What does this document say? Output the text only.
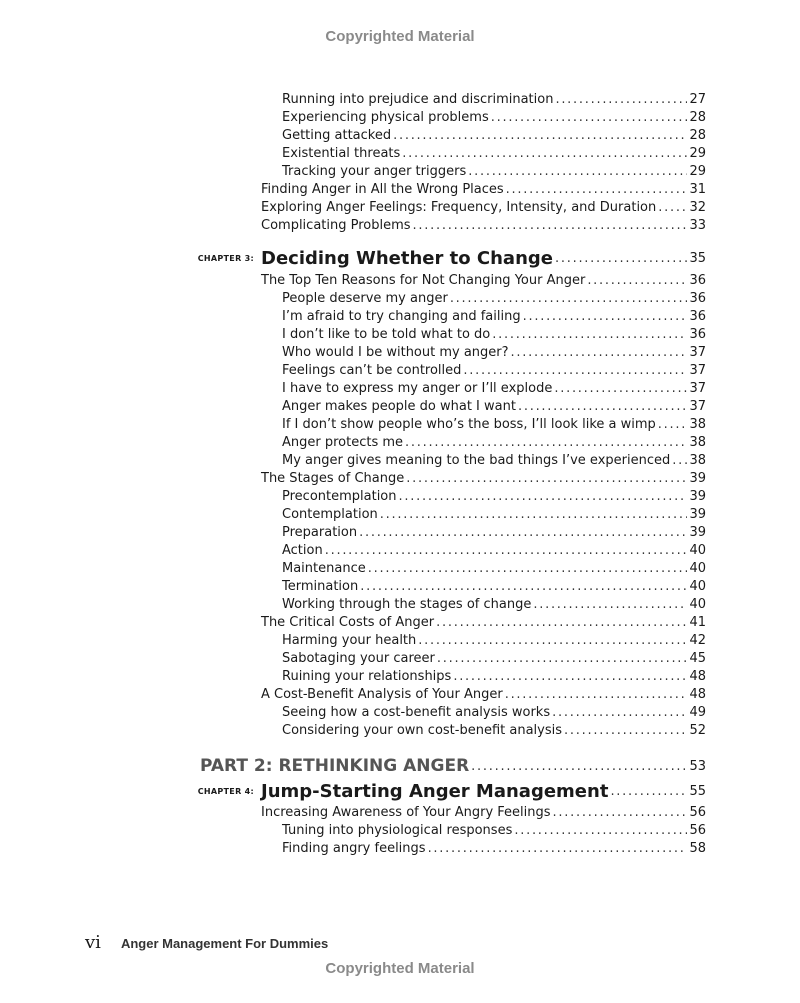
Copyrighted Material
Running into prejudice and discrimination . . .	27
Experiencing physical problems . . .	28
Getting attacked . . .	28
Existential threats . . .	29
Tracking your anger triggers . . .	29
Finding Anger in All the Wrong Places . . .	31
Exploring Anger Feelings: Frequency, Intensity, and Duration . . .	32
Complicating Problems . . .	33
CHAPTER 3: Deciding Whether to Change . . .	35
The Top Ten Reasons for Not Changing Your Anger . . .	36
People deserve my anger . . .	36
I’m afraid to try changing and failing . . .	36
I don’t like to be told what to do . . .	36
Who would I be without my anger? . . .	37
Feelings can’t be controlled . . .	37
I have to express my anger or I’ll explode . . .	37
Anger makes people do what I want . . .	37
If I don’t show people who’s the boss, I’ll look like a wimp . . .	38
Anger protects me . . .	38
My anger gives meaning to the bad things I’ve experienced . . . 38
The Stages of Change . . .	39
Precontemplation . . .	39
Contemplation . . .	39
Preparation . . .	39
Action . . .	40
Maintenance . . .	40
Termination . . .	40
Working through the stages of change . . .	40
The Critical Costs of Anger . . .	41
Harming your health . . .	42
Sabotaging your career . . .	45
Ruining your relationships . . .	48
A Cost-Benefit Analysis of Your Anger . . .	48
Seeing how a cost-benefit analysis works . . .	49
Considering your own cost-benefit analysis . . .	52
PART 2: RETHINKING ANGER . . .	53
CHAPTER 4: Jump-Starting Anger Management . . .	55
Increasing Awareness of Your Angry Feelings . . .	56
Tuning into physiological responses . . .	56
Finding angry feelings . . .	58
vi Anger Management For Dummies
Copyrighted Material
